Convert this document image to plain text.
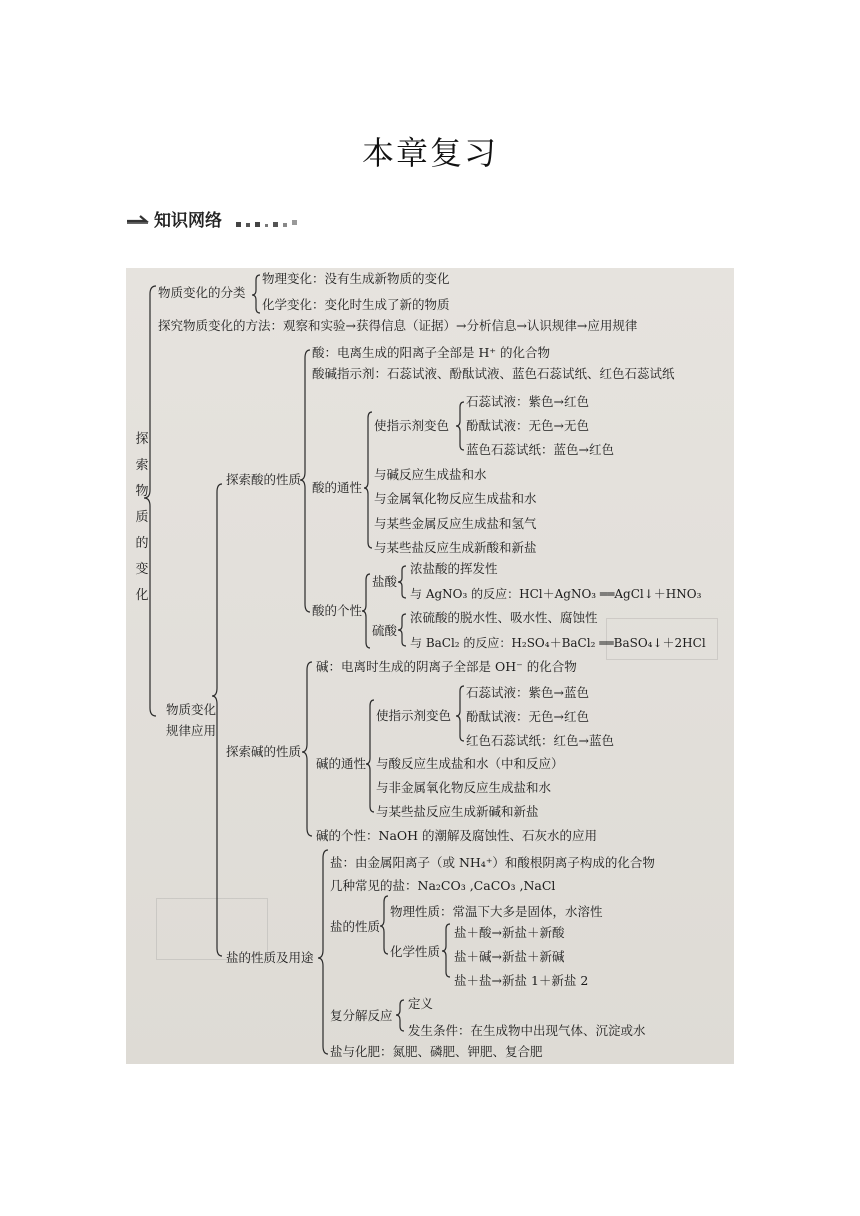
本章复习
知识网络
探
索
物
质
的
变
化
物质变化的分类
物理变化：没有生成新物质的变化
化学变化：变化时生成了新的物质
探究物质变化的方法：观察和实验→获得信息（证据）→分析信息→认识规律→应用规律
物质变化
规律应用
探索酸的性质
酸：电离生成的阳离子全部是 H⁺ 的化合物
酸碱指示剂：石蕊试液、酚酞试液、蓝色石蕊试纸、红色石蕊试纸
酸的通性
使指示剂变色
石蕊试液：紫色→红色
酚酞试液：无色→无色
蓝色石蕊试纸：蓝色→红色
与碱反应生成盐和水
与金属氧化物反应生成盐和水
与某些金属反应生成盐和氢气
与某些盐反应生成新酸和新盐
酸的个性
盐酸
浓盐酸的挥发性
与 AgNO₃ 的反应：HCl＋AgNO₃ ══AgCl↓＋HNO₃
硫酸
浓硫酸的脱水性、吸水性、腐蚀性
与 BaCl₂ 的反应：H₂SO₄＋BaCl₂ ══BaSO₄↓＋2HCl
探索碱的性质
碱：电离时生成的阴离子全部是 OH⁻ 的化合物
碱的通性
使指示剂变色
石蕊试液：紫色→蓝色
酚酞试液：无色→红色
红色石蕊试纸：红色→蓝色
与酸反应生成盐和水（中和反应）
与非金属氧化物反应生成盐和水
与某些盐反应生成新碱和新盐
碱的个性：NaOH 的潮解及腐蚀性、石灰水的应用
盐的性质及用途
盐：由金属阳离子（或 NH₄⁺）和酸根阴离子构成的化合物
几种常见的盐：Na₂CO₃ ,CaCO₃ ,NaCl
盐的性质
物理性质：常温下大多是固体，水溶性
化学性质
盐＋酸→新盐＋新酸
盐＋碱→新盐＋新碱
盐＋盐→新盐 1＋新盐 2
复分解反应
定义
发生条件：在生成物中出现气体、沉淀或水
盐与化肥：氮肥、磷肥、钾肥、复合肥
